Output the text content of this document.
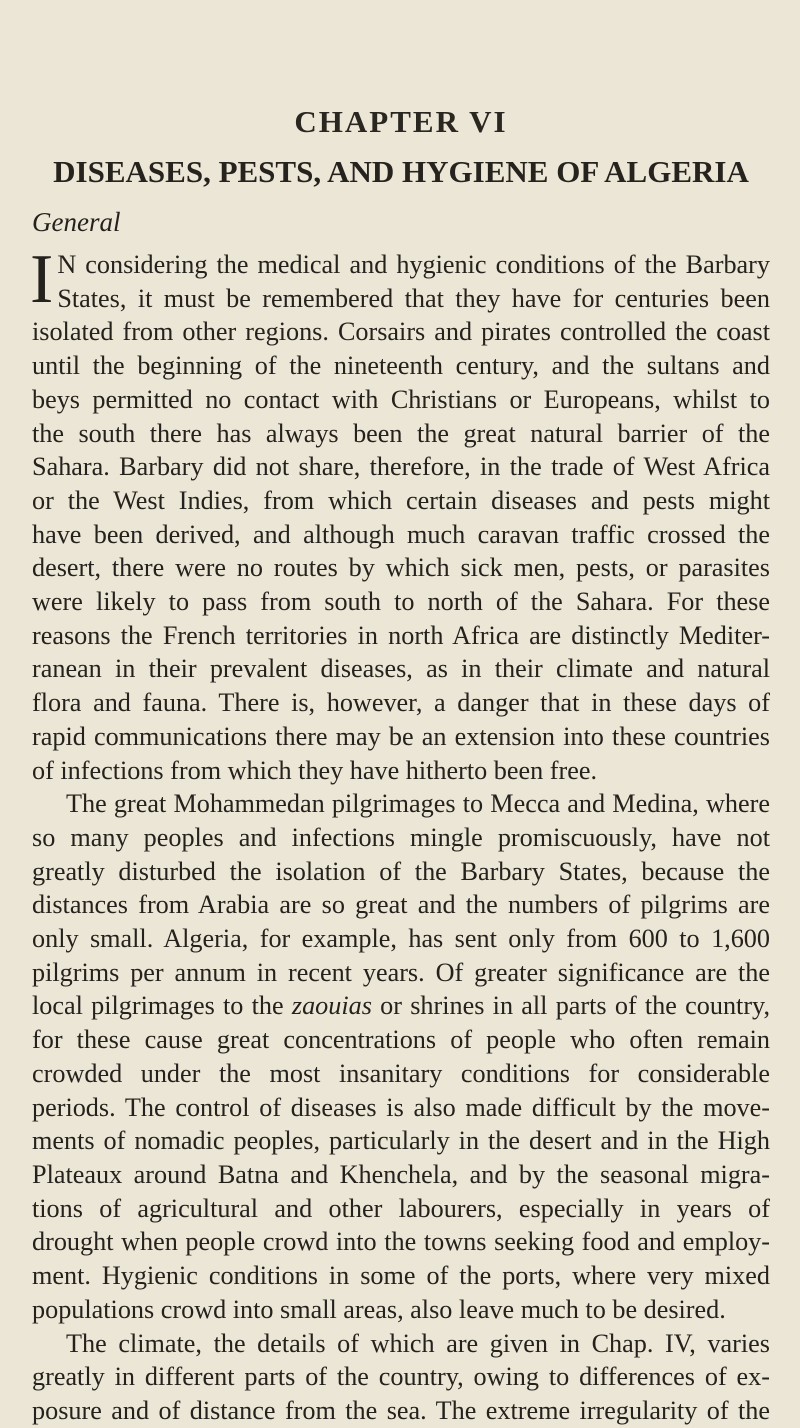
CHAPTER VI
DISEASES, PESTS, AND HYGIENE OF ALGERIA
General

I N considering the medical and hygienic conditions of the Barbary
States, it must be remembered that they have for centuries been
isolated from other regions. Corsairs and pirates controlled the coast
until the beginning of the nineteenth century, and the sultans and
beys permitted no contact with Christians or Europeans, whilst to
the south there has always been the great natural barrier of the
Sahara. Barbary did not share, therefore, in the trade of West Africa
or the West Indies, from which certain diseases and pests might
have been derived, and although much caravan traffic crossed the
desert, there were no routes by which sick men, pests, or parasites
were likely to pass from south to north of the Sahara. For these
reasons the French territories in north Africa are distinctly Mediter-
ranean in their prevalent diseases, as in their climate and natural
flora and fauna. There is, however, a danger that in these days of
rapid communications there may be an extension into these countries
of infections from which they have hitherto been free.

The great Mohammedan pilgrimages to Mecca and Medina, where
so many peoples and infections mingle promiscuously, have not
greatly disturbed the isolation of the Barbary States, because the
distances from Arabia are so great and the numbers of pilgrims are
only small. Algeria, for example, has sent only from 600 to 1,600
pilgrims per annum in recent years. Of greater significance are the
local pilgrimages to the zaouias or shrines in all parts of the country,
for these cause great concentrations of people who often remain
crowded under the most insanitary conditions for considerable
periods. The control of diseases is also made difficult by the move-
ments of nomadic peoples, particularly in the desert and in the High
Plateaux around Batna and Khenchela, and by the seasonal migra-
tions of agricultural and other labourers, especially in years of
drought when people crowd into the towns seeking food and employ-
ment. Hygienic conditions in some of the ports, where very mixed
populations crowd into small areas, also leave much to be desired.

The climate, the details of which are given in Chap. IV, varies
greatly in different parts of the country, owing to differences of ex-
posure and of distance from the sea. The extreme irregularity of the
